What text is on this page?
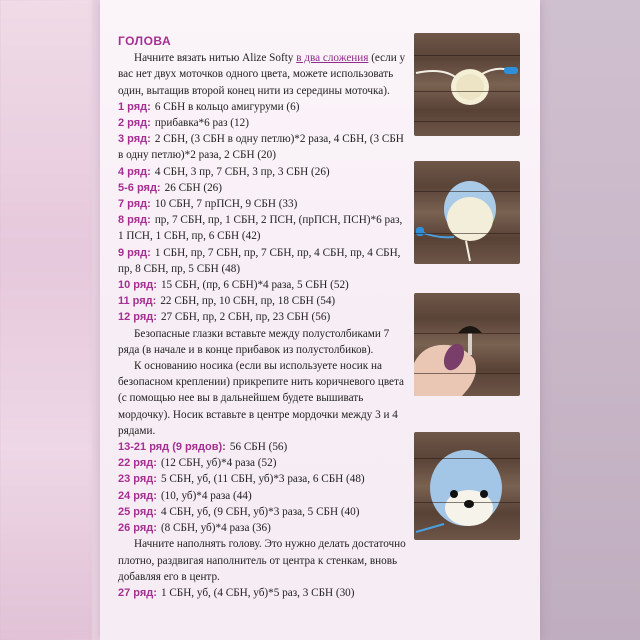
ГОЛОВА
Начните вязать нитью Alize Softy в два сложения (если у вас нет двух моточков одного цвета, можете использовать один, вытащив второй конец нити из середины моточка).
1 ряд: 6 СБН в кольцо амигуруми (6)
2 ряд: прибавка*6 раз (12)
3 ряд: 2 СБН, (3 СБН в одну петлю)*2 раза, 4 СБН, (3 СБН в одну петлю)*2 раза, 2 СБН (20)
4 ряд: 4 СБН, 3 пр, 7 СБН, 3 пр, 3 СБН (26)
5-6 ряд: 26 СБН (26)
7 ряд: 10 СБН, 7 прПСН, 9 СБН (33)
8 ряд: пр, 7 СБН, пр, 1 СБН, 2 ПСН, (прПСН, ПСН)*6 раз, 1 ПСН, 1 СБН, пр, 6 СБН (42)
9 ряд: 1 СБН, пр, 7 СБН, пр, 7 СБН, пр, 4 СБН, пр, 4 СБН, пр, 8 СБН, пр, 5 СБН (48)
10 ряд: 15 СБН, (пр, 6 СБН)*4 раза, 5 СБН (52)
11 ряд: 22 СБН, пр, 10 СБН, пр, 18 СБН (54)
12 ряд: 27 СБН, пр, 2 СБН, пр, 23 СБН (56)
Безопасные глазки вставьте между полустолбиками 7 ряда (в начале и в конце прибавок из полустолбиков).
К основанию носика (если вы используете носик на безопасном креплении) прикрепите нить коричневого цвета (с помощью нее вы в дальнейшем будете вышивать мордочку). Носик вставьте в центре мордочки между 3 и 4 рядами.
13-21 ряд (9 рядов): 56 СБН (56)
22 ряд: (12 СБН, уб)*4 раза (52)
23 ряд: 5 СБН, уб, (11 СБН, уб)*3 раза, 6 СБН (48)
24 ряд: (10, уб)*4 раза (44)
25 ряд: 4 СБН, уб, (9 СБН, уб)*3 раза, 5 СБН (40)
26 ряд: (8 СБН, уб)*4 раза (36)
Начните наполнять голову. Это нужно делать достаточно плотно, раздвигая наполнитель от центра к стенкам, вновь добавляя его в центр.
27 ряд: 1 СБН, уб, (4 СБН, уб)*5 раз, 3 СБН (30)
